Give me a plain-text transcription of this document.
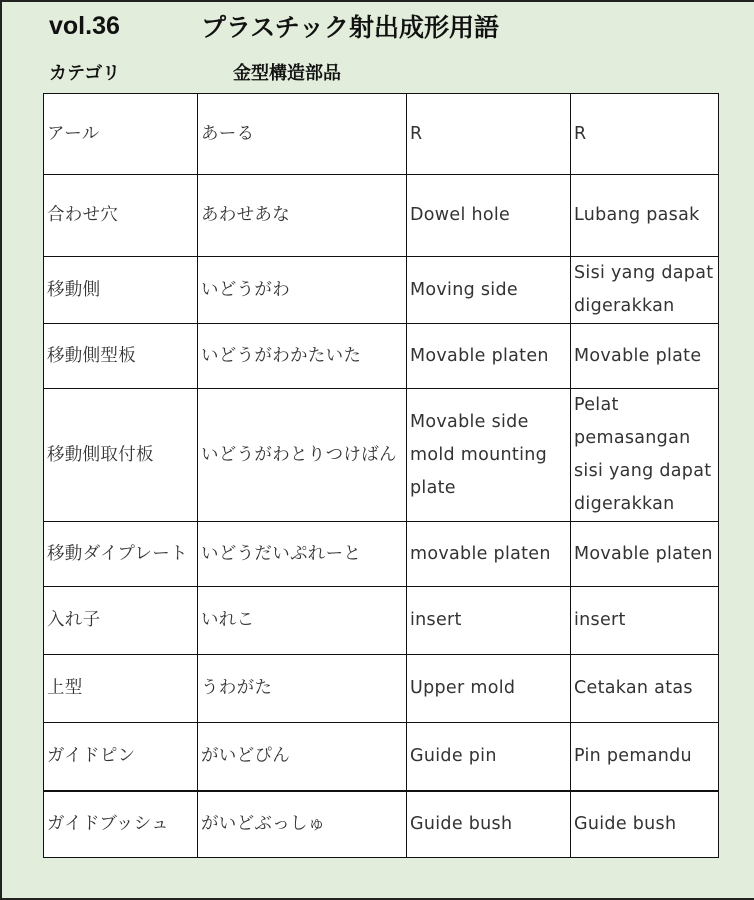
vol.36	プラスチック射出成形用語
カテゴリ	金型構造部品
アール	あーる	R	R
合わせ穴	あわせあな	Dowel hole	Lubang pasak
移動側	いどうがわ	Moving side	Sisi yang dapat digerakkan
移動側型板	いどうがわかたいた	Movable platen	Movable plate
移動側取付板	いどうがわとりつけばん	Movable side mold mounting plate	Pelat pemasangan sisi yang dapat digerakkan
移動ダイプレート	いどうだいぷれーと	movable platen	Movable platen
入れ子	いれこ	insert	insert
上型	うわがた	Upper mold	Cetakan atas
ガイドピン	がいどぴん	Guide pin	Pin pemandu
ガイドブッシュ	がいどぶっしゅ	Guide bush	Guide bush
